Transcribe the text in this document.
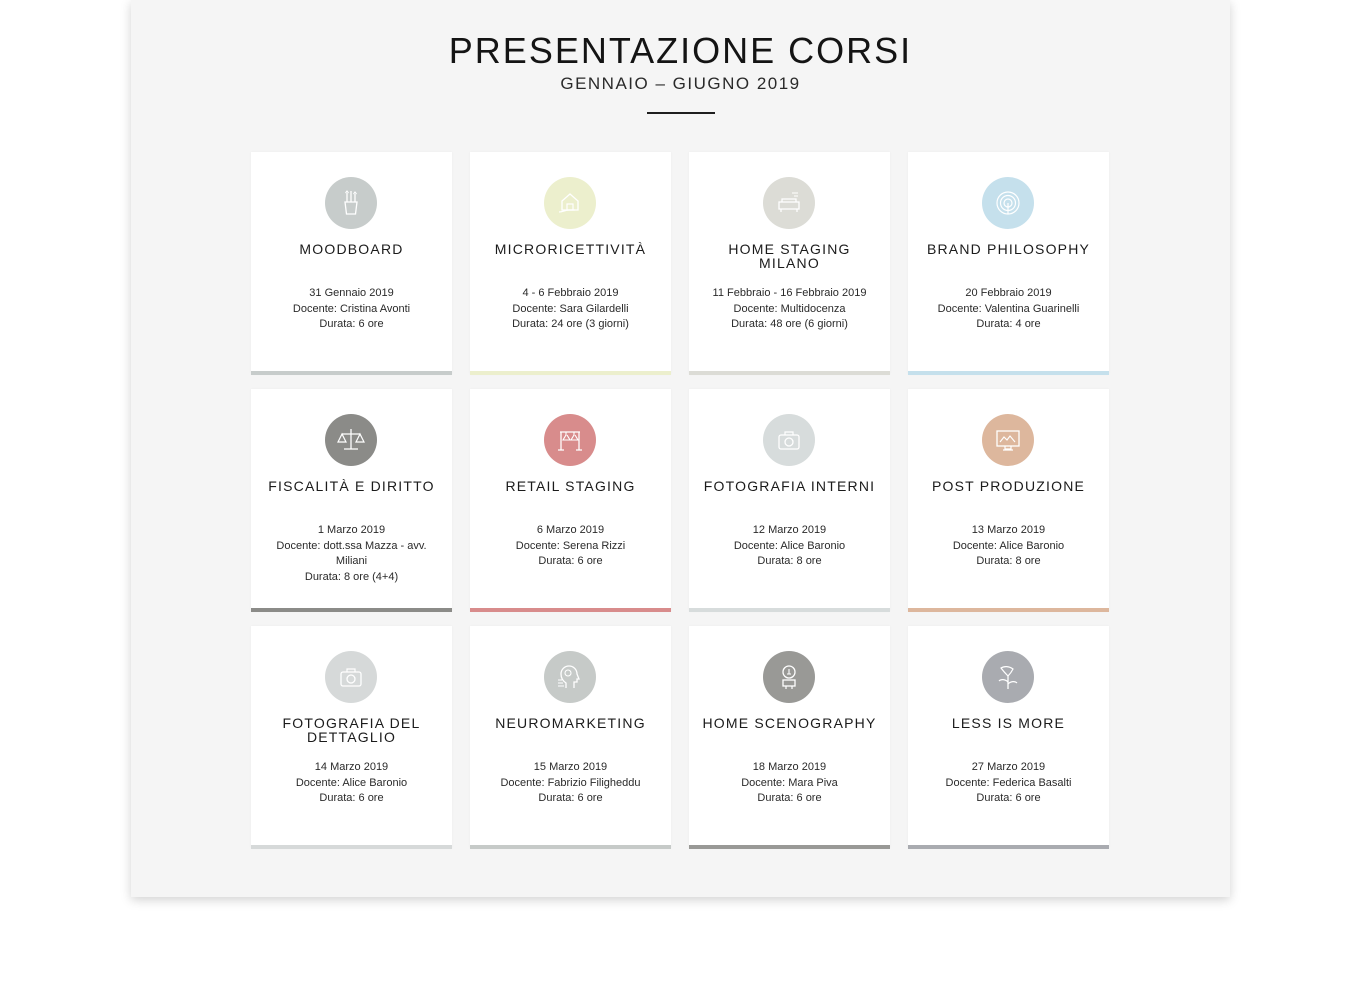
PRESENTAZIONE CORSI
GENNAIO – GIUGNO 2019
MOODBOARD
31 Gennaio 2019
Docente: Cristina Avonti
Durata: 6 ore
MICRORICETTIVITÀ
4 - 6 Febbraio 2019
Docente: Sara Gilardelli
Durata: 24 ore (3 giorni)
HOME STAGING MILANO
11 Febbraio - 16 Febbraio 2019
Docente: Multidocenza
Durata: 48 ore (6 giorni)
BRAND PHILOSOPHY
20 Febbraio 2019
Docente: Valentina Guarinelli
Durata: 4 ore
FISCALITÀ E DIRITTO
1 Marzo 2019
Docente: dott.ssa Mazza - avv. Miliani
Durata: 8 ore (4+4)
RETAIL STAGING
6 Marzo 2019
Docente: Serena Rizzi
Durata: 6 ore
FOTOGRAFIA INTERNI
12 Marzo 2019
Docente: Alice Baronio
Durata: 8 ore
POST PRODUZIONE
13 Marzo 2019
Docente: Alice Baronio
Durata: 8 ore
FOTOGRAFIA DEL DETTAGLIO
14 Marzo 2019
Docente: Alice Baronio
Durata: 6 ore
NEUROMARKETING
15 Marzo 2019
Docente: Fabrizio Filigheddu
Durata: 6 ore
HOME SCENOGRAPHY
18 Marzo 2019
Docente: Mara Piva
Durata: 6 ore
LESS IS MORE
27 Marzo 2019
Docente: Federica Basalti
Durata: 6 ore
